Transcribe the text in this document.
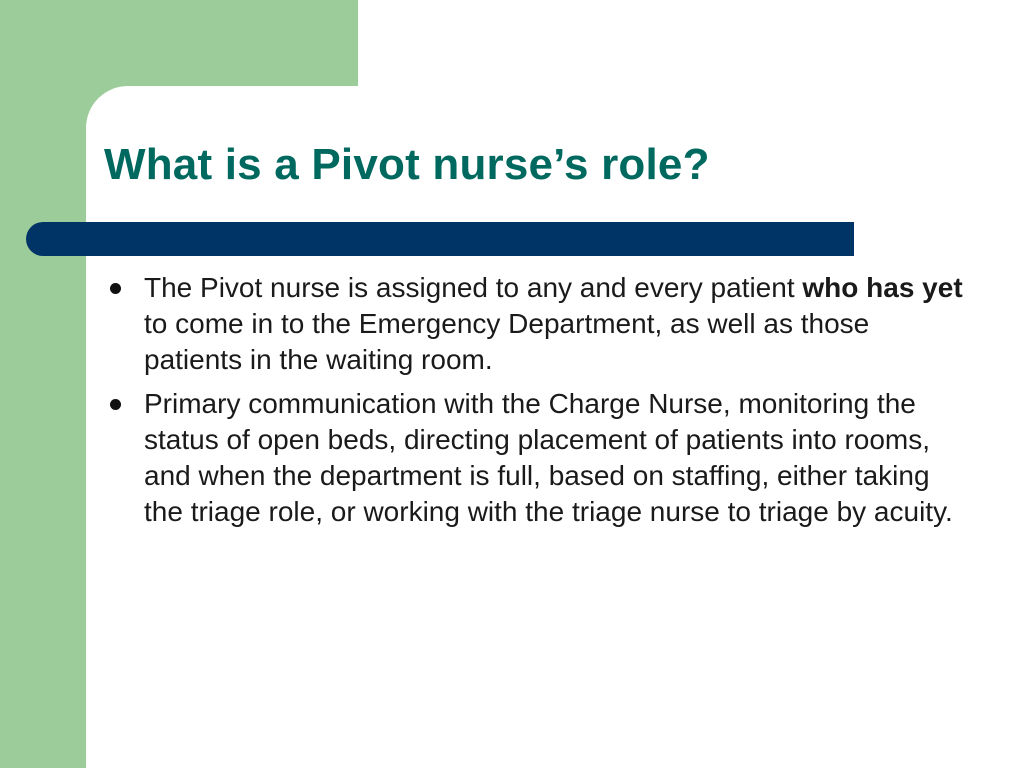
What is a Pivot nurse’s role?
The Pivot nurse is assigned to any and every patient who has yet to come in to the Emergency Department, as well as those patients in the waiting room.
Primary communication with the Charge Nurse, monitoring the status of open beds, directing placement of patients into rooms, and when the department is full, based on staffing, either taking the triage role, or working with the triage nurse to triage by acuity.
